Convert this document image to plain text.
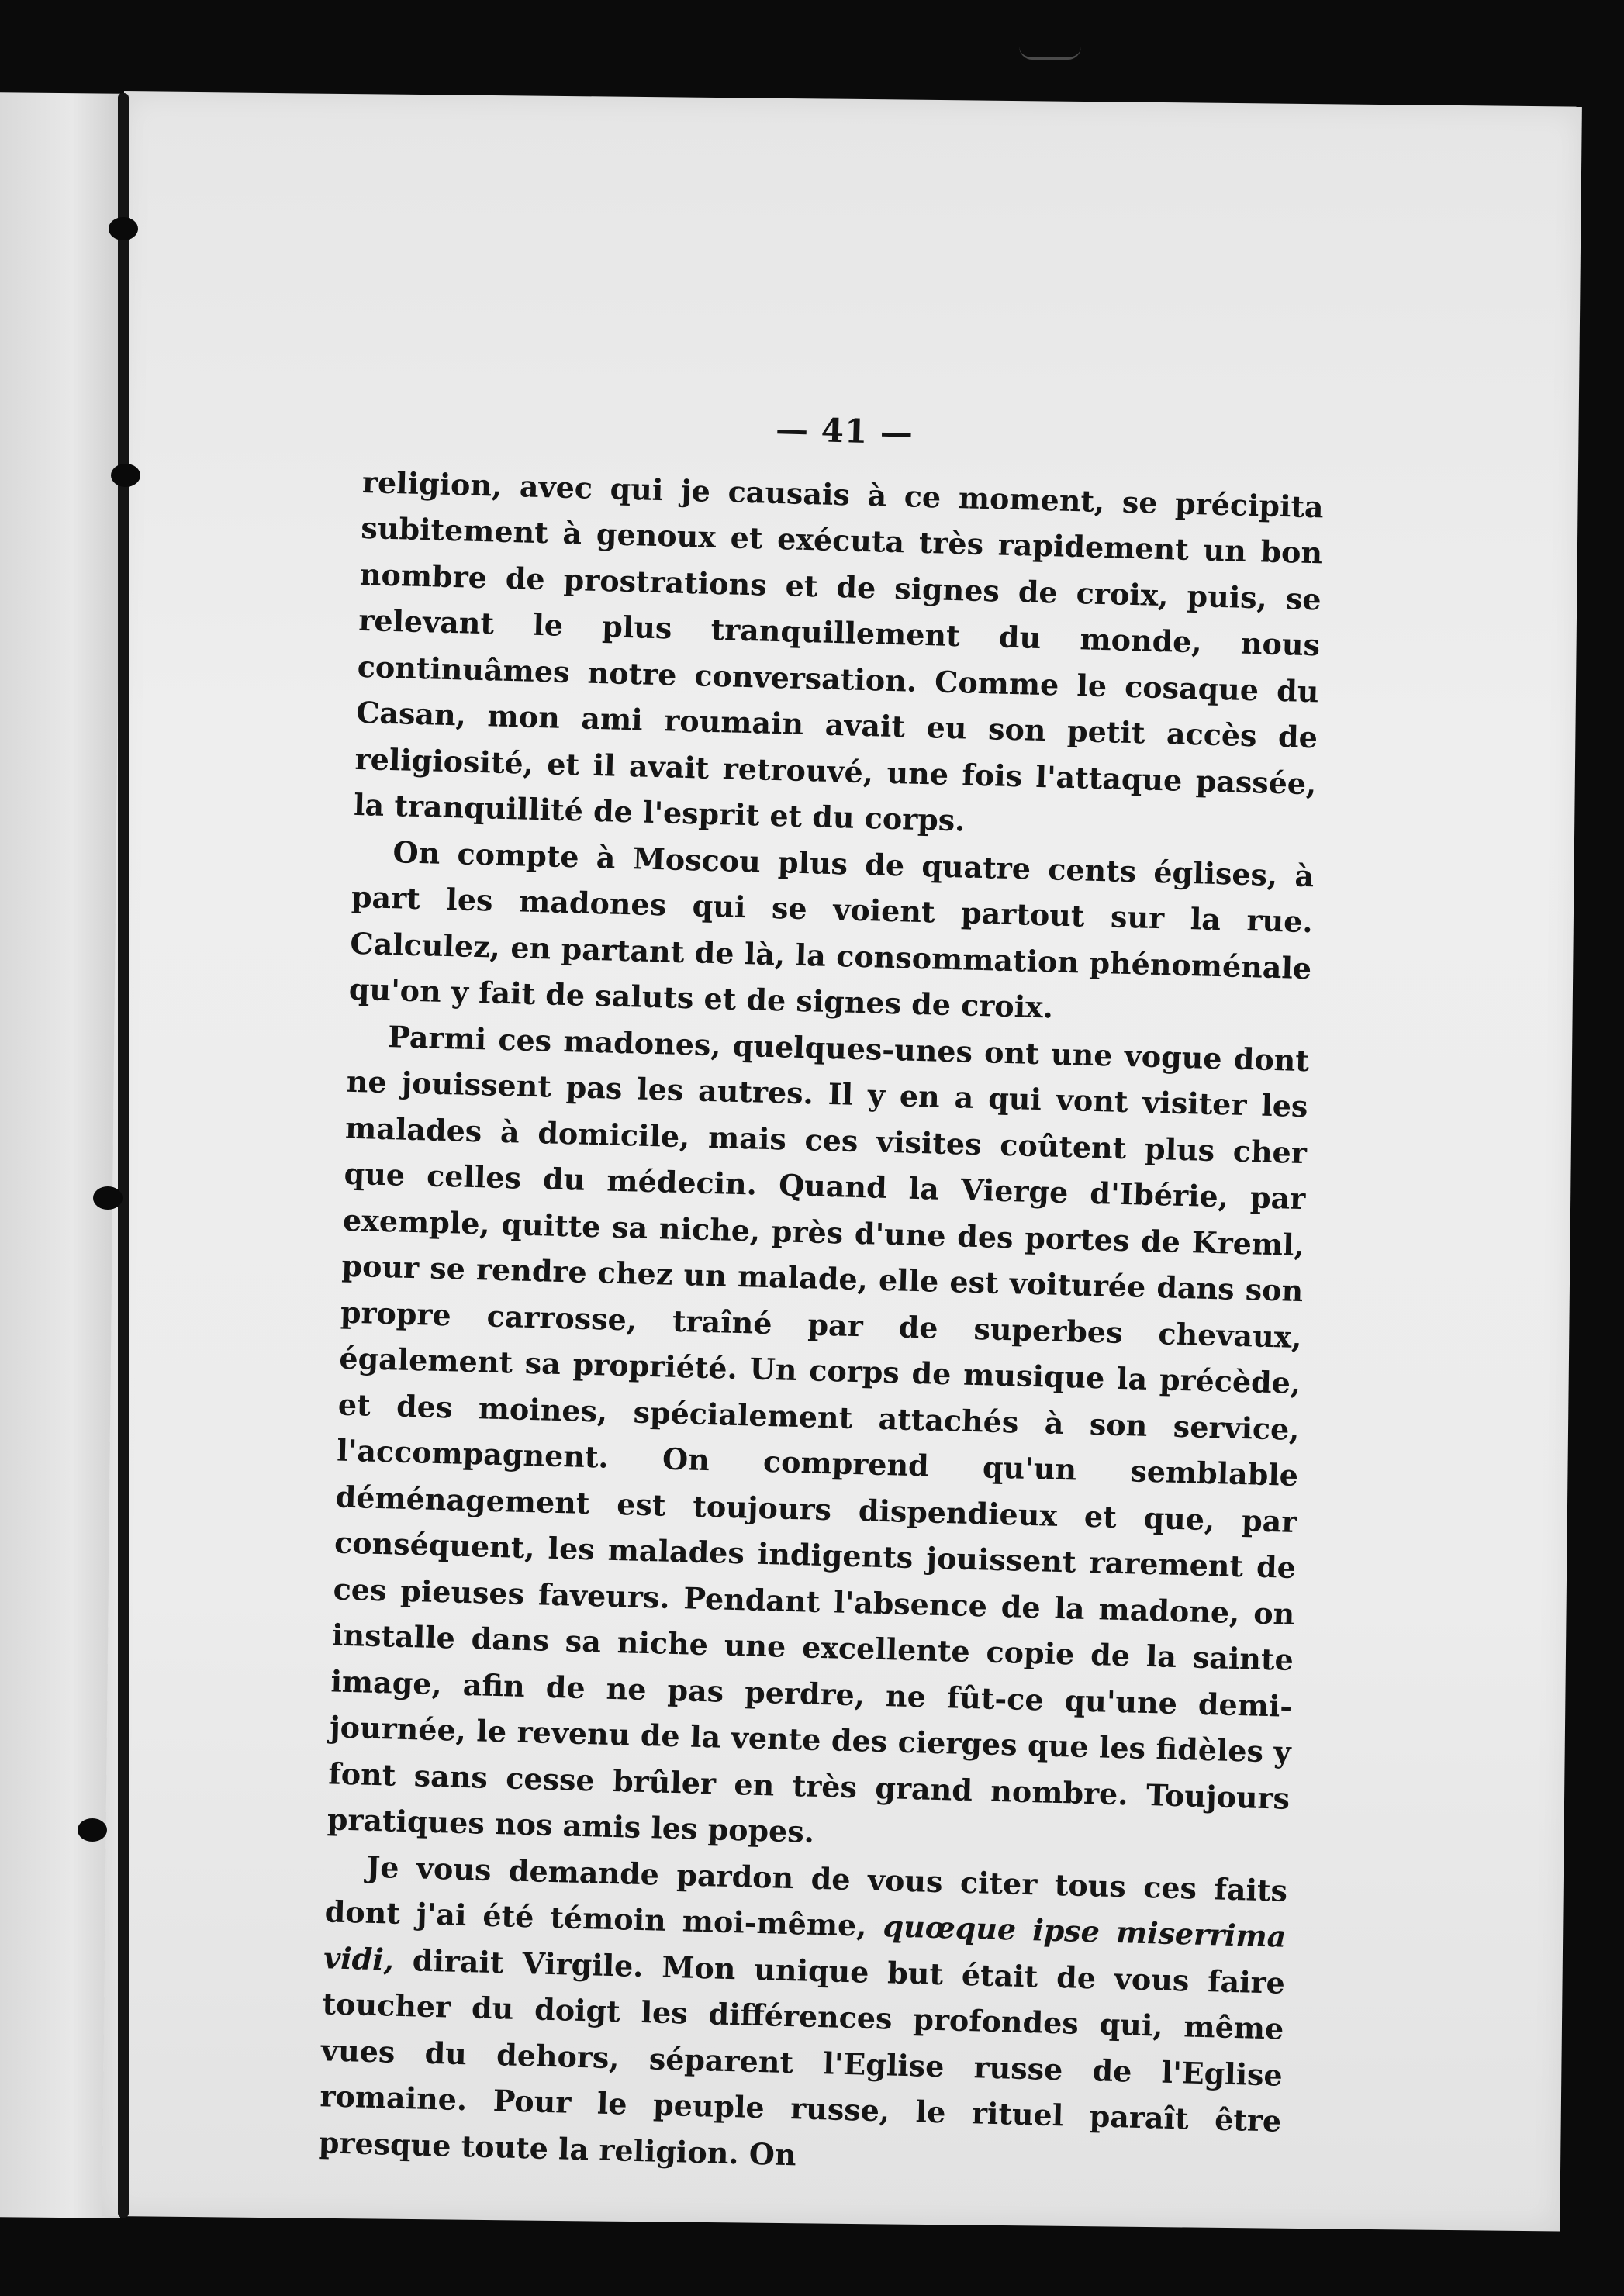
— 41 —

religion, avec qui je causais à ce moment, se précipita subitement à genoux et exécuta très rapidement un bon nombre de prostrations et de signes de croix, puis, se relevant le plus tranquillement du monde, nous continuâmes notre conversation. Comme le cosaque du Casan, mon ami roumain avait eu son petit accès de religiosité, et il avait retrouvé, une fois l'attaque passée, la tranquillité de l'esprit et du corps.

On compte à Moscou plus de quatre cents églises, à part les madones qui se voient partout sur la rue. Calculez, en partant de là, la consommation phénoménale qu'on y fait de saluts et de signes de croix.

Parmi ces madones, quelques-unes ont une vogue dont ne jouissent pas les autres. Il y en a qui vont visiter les malades à domicile, mais ces visites coûtent plus cher que celles du médecin. Quand la Vierge d'Ibérie, par exemple, quitte sa niche, près d'une des portes de Kreml, pour se rendre chez un malade, elle est voiturée dans son propre carrosse, traîné par de superbes chevaux, également sa propriété. Un corps de musique la précède, et des moines, spécialement attachés à son service, l'accompagnent. On comprend qu'un semblable déménagement est toujours dispendieux et que, par conséquent, les malades indigents jouissent rarement de ces pieuses faveurs. Pendant l'absence de la madone, on installe dans sa niche une excellente copie de la sainte image, afin de ne pas perdre, ne fût-ce qu'une demi-journée, le revenu de la vente des cierges que les fidèles y font sans cesse brûler en très grand nombre. Toujours pratiques nos amis les popes.

Je vous demande pardon de vous citer tous ces faits dont j'ai été témoin moi-même, quœque ipse miserrima vidi, dirait Virgile. Mon unique but était de vous faire toucher du doigt les différences profondes qui, même vues du dehors, séparent l'Eglise russe de l'Eglise romaine. Pour le peuple russe, le rituel paraît être presque toute la religion. On
